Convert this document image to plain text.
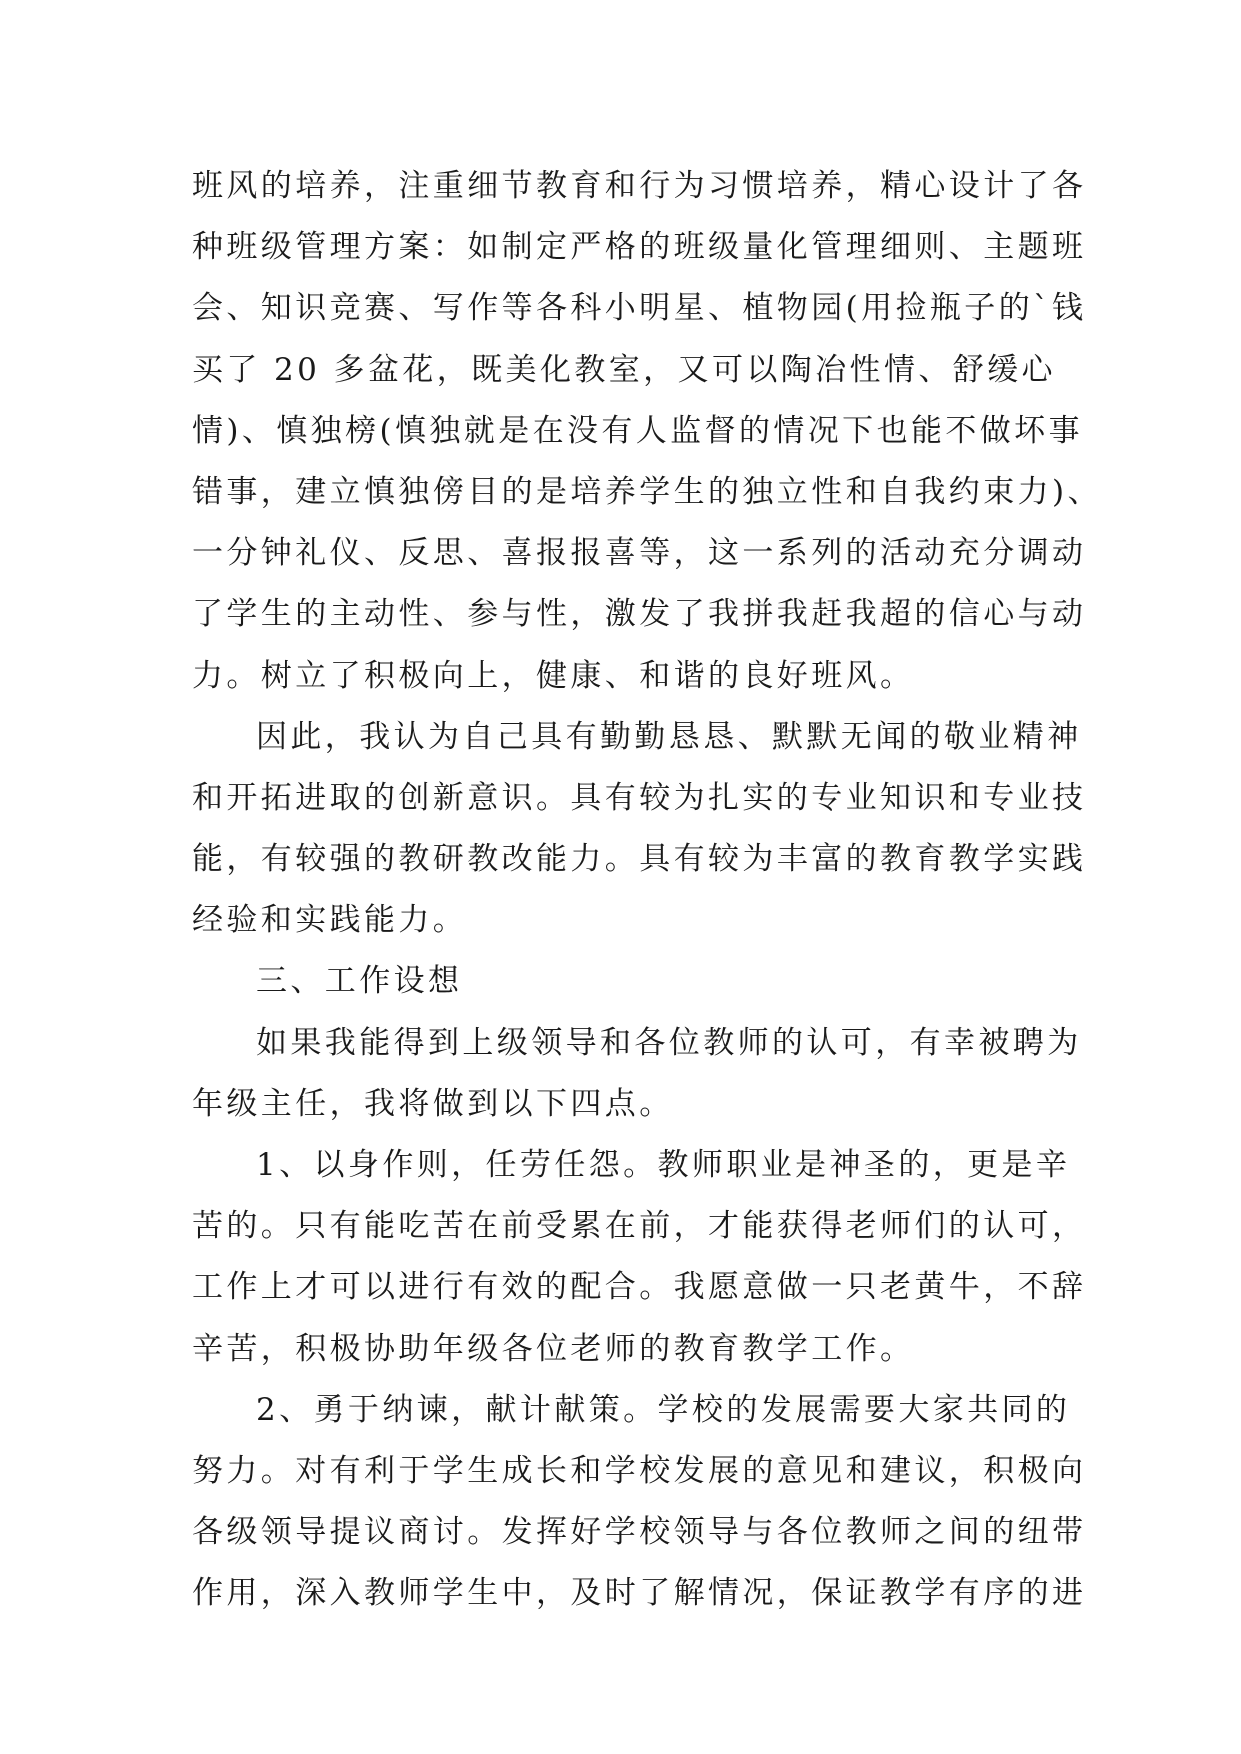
班风的培养，注重细节教育和行为习惯培养，精心设计了各
种班级管理方案：如制定严格的班级量化管理细则、主题班
会、知识竞赛、写作等各科小明星、植物园(用捡瓶子的`钱
买了 20 多盆花，既美化教室，又可以陶冶性情、舒缓心
情)、慎独榜(慎独就是在没有人监督的情况下也能不做坏事
错事，建立慎独傍目的是培养学生的独立性和自我约束力)、
一分钟礼仪、反思、喜报报喜等，这一系列的活动充分调动
了学生的主动性、参与性，激发了我拼我赶我超的信心与动
力。树立了积极向上，健康、和谐的良好班风。
因此，我认为自己具有勤勤恳恳、默默无闻的敬业精神
和开拓进取的创新意识。具有较为扎实的专业知识和专业技
能，有较强的教研教改能力。具有较为丰富的教育教学实践
经验和实践能力。
三、工作设想
如果我能得到上级领导和各位教师的认可，有幸被聘为
年级主任，我将做到以下四点。
1、以身作则，任劳任怨。教师职业是神圣的，更是辛
苦的。只有能吃苦在前受累在前，才能获得老师们的认可，
工作上才可以进行有效的配合。我愿意做一只老黄牛，不辞
辛苦，积极协助年级各位老师的教育教学工作。
2、勇于纳谏，献计献策。学校的发展需要大家共同的
努力。对有利于学生成长和学校发展的意见和建议，积极向
各级领导提议商讨。发挥好学校领导与各位教师之间的纽带
作用，深入教师学生中，及时了解情况，保证教学有序的进
